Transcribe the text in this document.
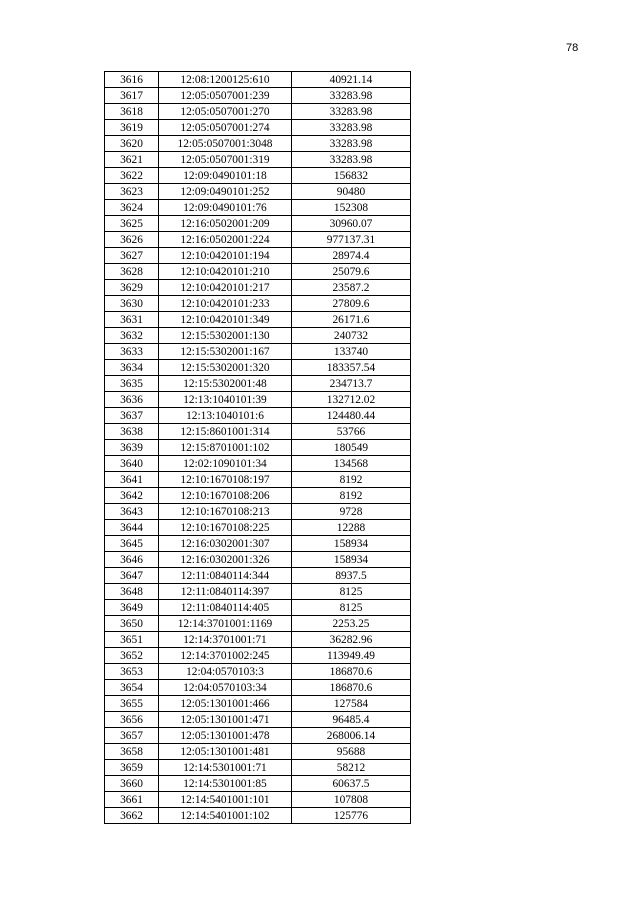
78
3616	12:08:1200125:610	40921.14
3617	12:05:0507001:239	33283.98
3618	12:05:0507001:270	33283.98
3619	12:05:0507001:274	33283.98
3620	12:05:0507001:3048	33283.98
3621	12:05:0507001:319	33283.98
3622	12:09:0490101:18	156832
3623	12:09:0490101:252	90480
3624	12:09:0490101:76	152308
3625	12:16:0502001:209	30960.07
3626	12:16:0502001:224	977137.31
3627	12:10:0420101:194	28974.4
3628	12:10:0420101:210	25079.6
3629	12:10:0420101:217	23587.2
3630	12:10:0420101:233	27809.6
3631	12:10:0420101:349	26171.6
3632	12:15:5302001:130	240732
3633	12:15:5302001:167	133740
3634	12:15:5302001:320	183357.54
3635	12:15:5302001:48	234713.7
3636	12:13:1040101:39	132712.02
3637	12:13:1040101:6	124480.44
3638	12:15:8601001:314	53766
3639	12:15:8701001:102	180549
3640	12:02:1090101:34	134568
3641	12:10:1670108:197	8192
3642	12:10:1670108:206	8192
3643	12:10:1670108:213	9728
3644	12:10:1670108:225	12288
3645	12:16:0302001:307	158934
3646	12:16:0302001:326	158934
3647	12:11:0840114:344	8937.5
3648	12:11:0840114:397	8125
3649	12:11:0840114:405	8125
3650	12:14:3701001:1169	2253.25
3651	12:14:3701001:71	36282.96
3652	12:14:3701002:245	113949.49
3653	12:04:0570103:3	186870.6
3654	12:04:0570103:34	186870.6
3655	12:05:1301001:466	127584
3656	12:05:1301001:471	96485.4
3657	12:05:1301001:478	268006.14
3658	12:05:1301001:481	95688
3659	12:14:5301001:71	58212
3660	12:14:5301001:85	60637.5
3661	12:14:5401001:101	107808
3662	12:14:5401001:102	125776
